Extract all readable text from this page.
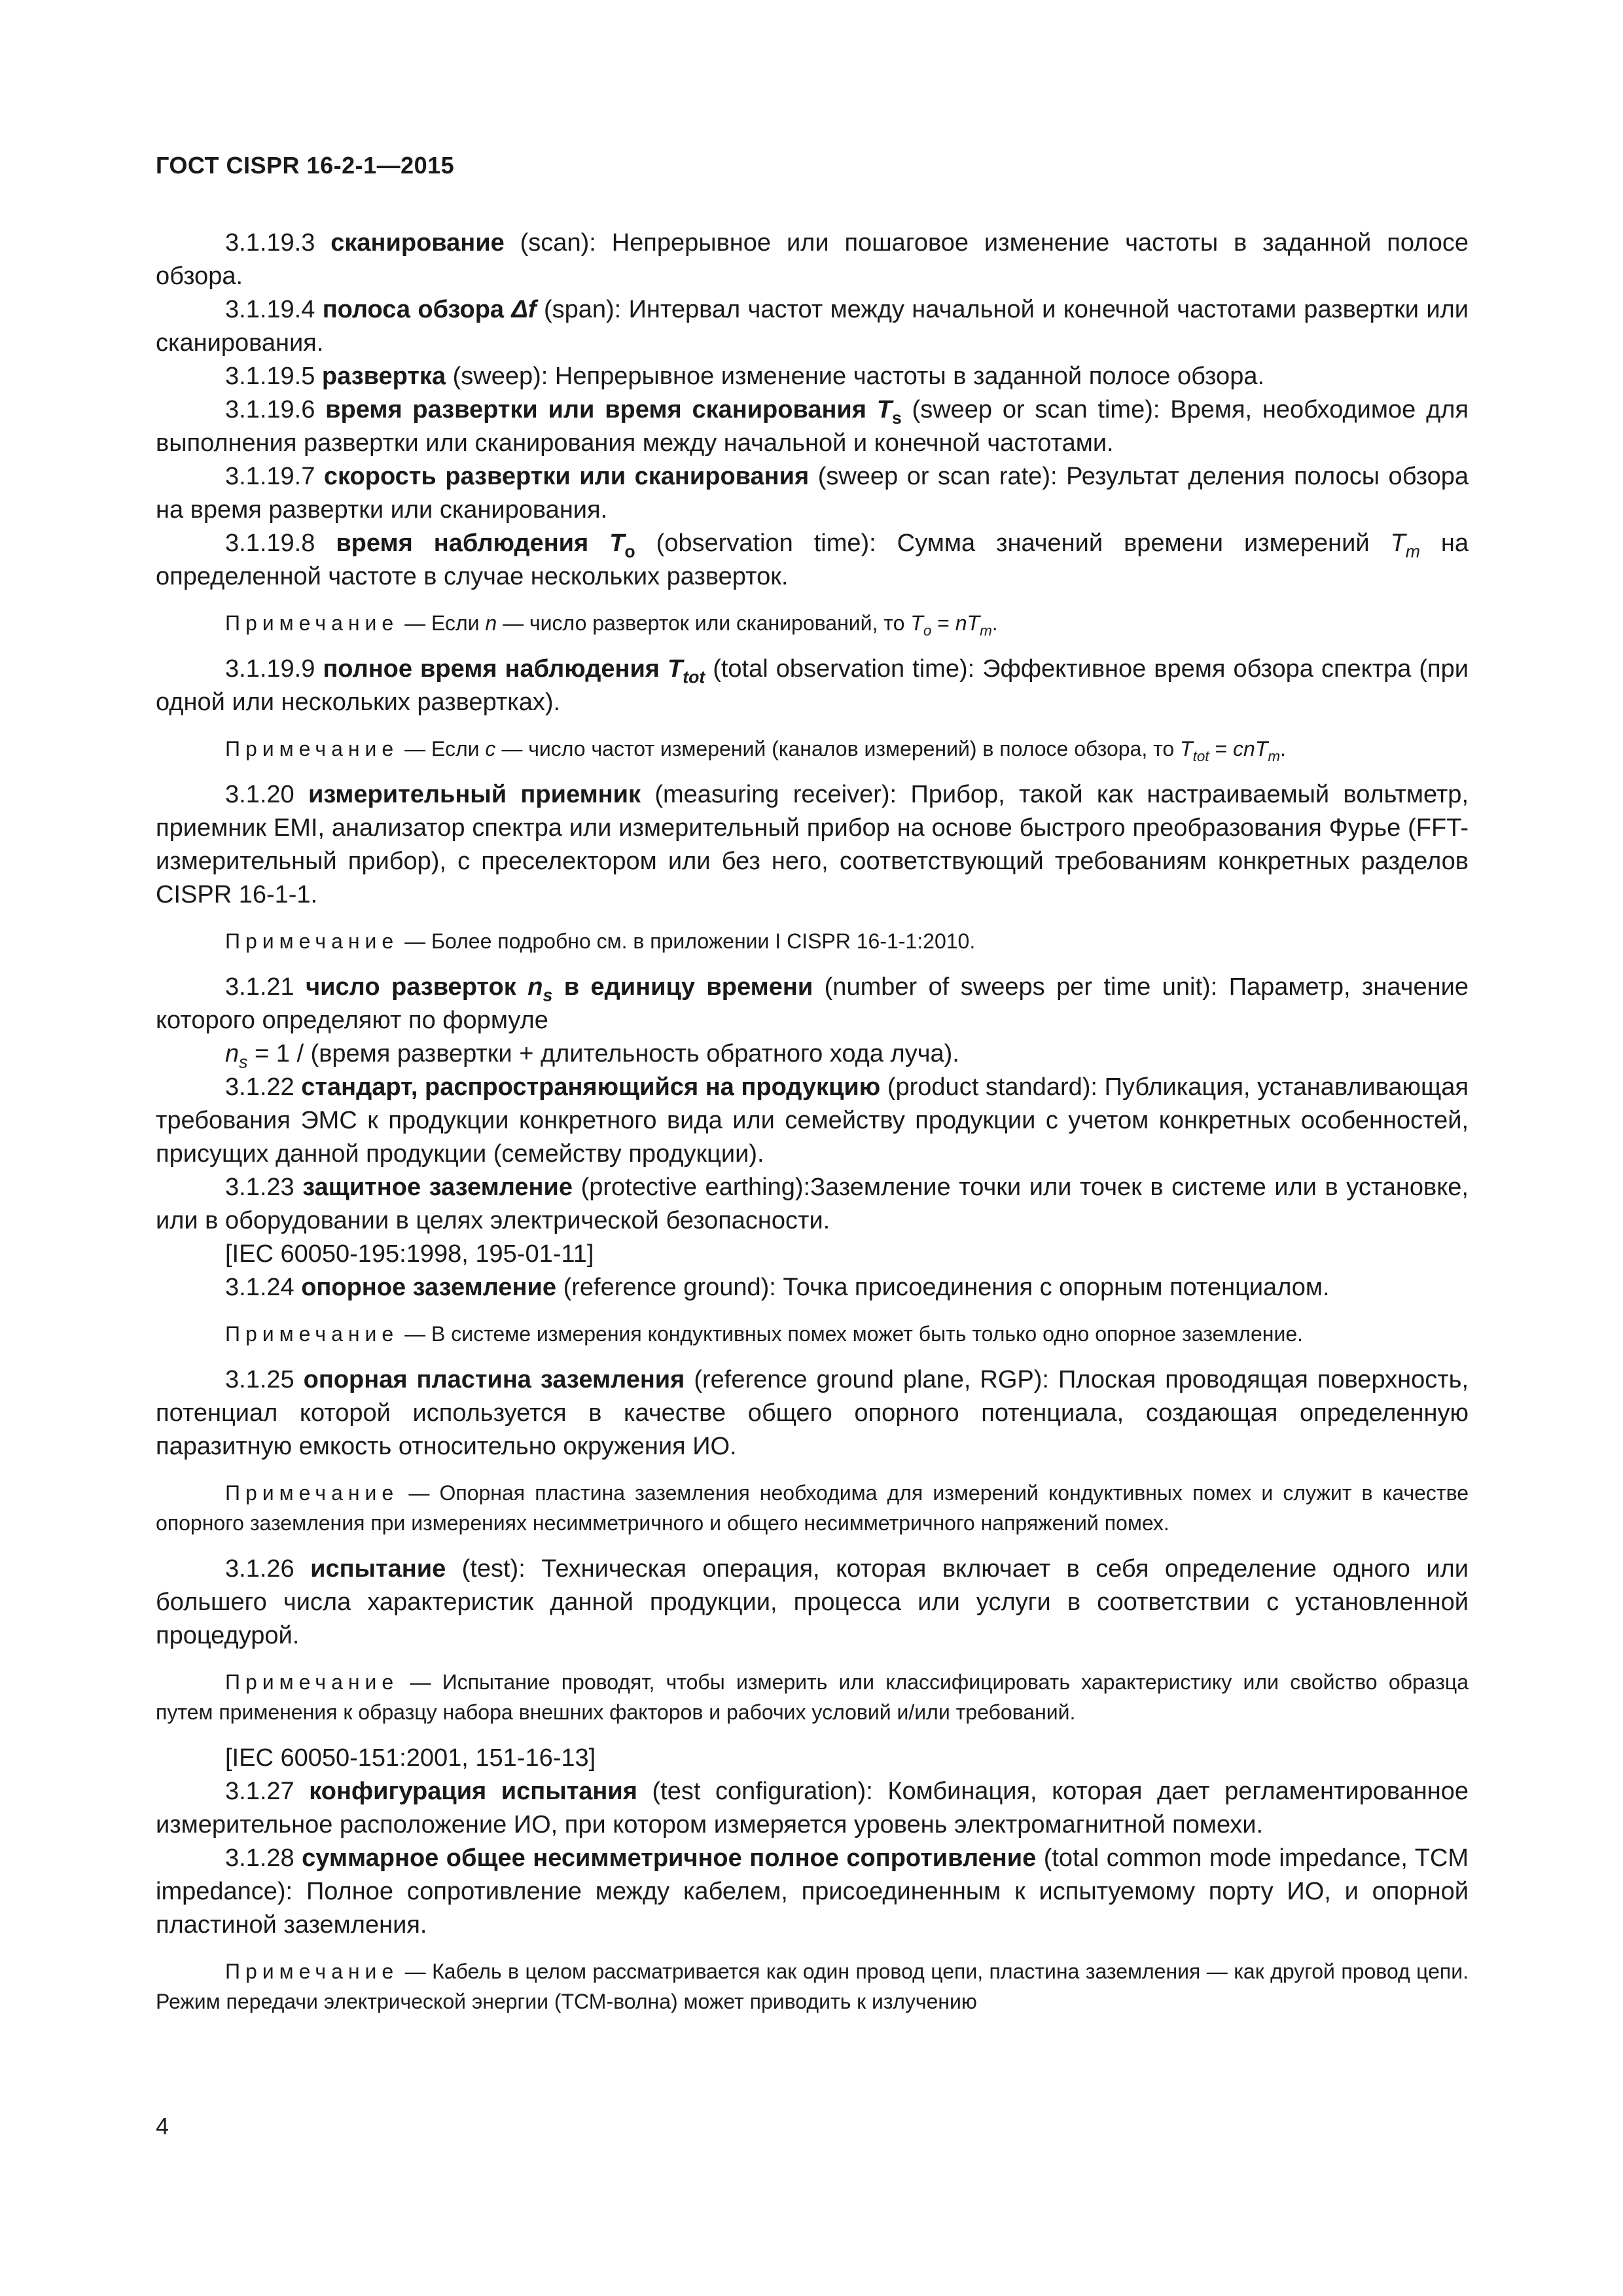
ГОСТ CISPR 16-2-1—2015

3.1.19.3 сканирование (scan): Непрерывное или пошаговое изменение частоты в заданной полосе обзора.

3.1.19.4 полоса обзора Δf (span): Интервал частот между начальной и конечной частотами развертки или сканирования.

3.1.19.5 развертка (sweep): Непрерывное изменение частоты в заданной полосе обзора.

3.1.19.6 время развертки или время сканирования $T_s$ (sweep or scan time): Время, необходимое для выполнения развертки или сканирования между начальной и конечной частотами.

3.1.19.7 скорость развертки или сканирования (sweep or scan rate): Результат деления полосы обзора на время развертки или сканирования.

3.1.19.8 время наблюдения $T_o$ (observation time): Сумма значений времени измерений $T_m$ на определенной частоте в случае нескольких разверток.

Примечание — Если n — число разверток или сканирований, то $T_o = nT_m$.

3.1.19.9 полное время наблюдения $T_{tot}$ (total observation time): Эффективное время обзора спектра (при одной или нескольких развертках).

Примечание — Если c — число частот измерений (каналов измерений) в полосе обзора, то $T_{tot} = cnT_m$.

3.1.20 измерительный приемник (measuring receiver): Прибор, такой как настраиваемый вольтметр, приемник EMI, анализатор спектра или измерительный прибор на основе быстрого преобразования Фурье (FFT-измерительный прибор), с преселектором или без него, соответствующий требованиям конкретных разделов CISPR 16-1-1.

Примечание — Более подробно см. в приложении I CISPR 16-1-1:2010.

3.1.21 число разверток $n_s$ в единицу времени (number of sweeps per time unit): Параметр, значение которого определяют по формуле

$n_s = 1$ / (время развертки + длительность обратного хода луча).

3.1.22 стандарт, распространяющийся на продукцию (product standard): Публикация, устанавливающая требования ЭМС к продукции конкретного вида или семейству продукции с учетом конкретных особенностей, присущих данной продукции (семейству продукции).

3.1.23 защитное заземление (protective earthing):Заземление точки или точек в системе или в установке, или в оборудовании в целях электрической безопасности.

[IEC 60050-195:1998, 195-01-11]

3.1.24 опорное заземление (reference ground): Точка присоединения с опорным потенциалом.

Примечание — В системе измерения кондуктивных помех может быть только одно опорное заземление.

3.1.25 опорная пластина заземления (reference ground plane, RGP): Плоская проводящая поверхность, потенциал которой используется в качестве общего опорного потенциала, создающая определенную паразитную емкость относительно окружения ИО.

Примечание — Опорная пластина заземления необходима для измерений кондуктивных помех и служит в качестве опорного заземления при измерениях несимметричного и общего несимметричного напряжений помех.

3.1.26 испытание (test): Техническая операция, которая включает в себя определение одного или большего числа характеристик данной продукции, процесса или услуги в соответствии с установленной процедурой.

Примечание — Испытание проводят, чтобы измерить или классифицировать характеристику или свойство образца путем применения к образцу набора внешних факторов и рабочих условий и/или требований.

[IEC 60050-151:2001, 151-16-13]

3.1.27 конфигурация испытания (test configuration): Комбинация, которая дает регламентированное измерительное расположение ИО, при котором измеряется уровень электромагнитной помехи.

3.1.28 суммарное общее несимметричное полное сопротивление (total common mode impedance, TCM impedance): Полное сопротивление между кабелем, присоединенным к испытуемому порту ИО, и опорной пластиной заземления.

Примечание — Кабель в целом рассматривается как один провод цепи, пластина заземления — как другой провод цепи. Режим передачи электрической энергии (ТСМ-волна) может приводить к излучению

4
